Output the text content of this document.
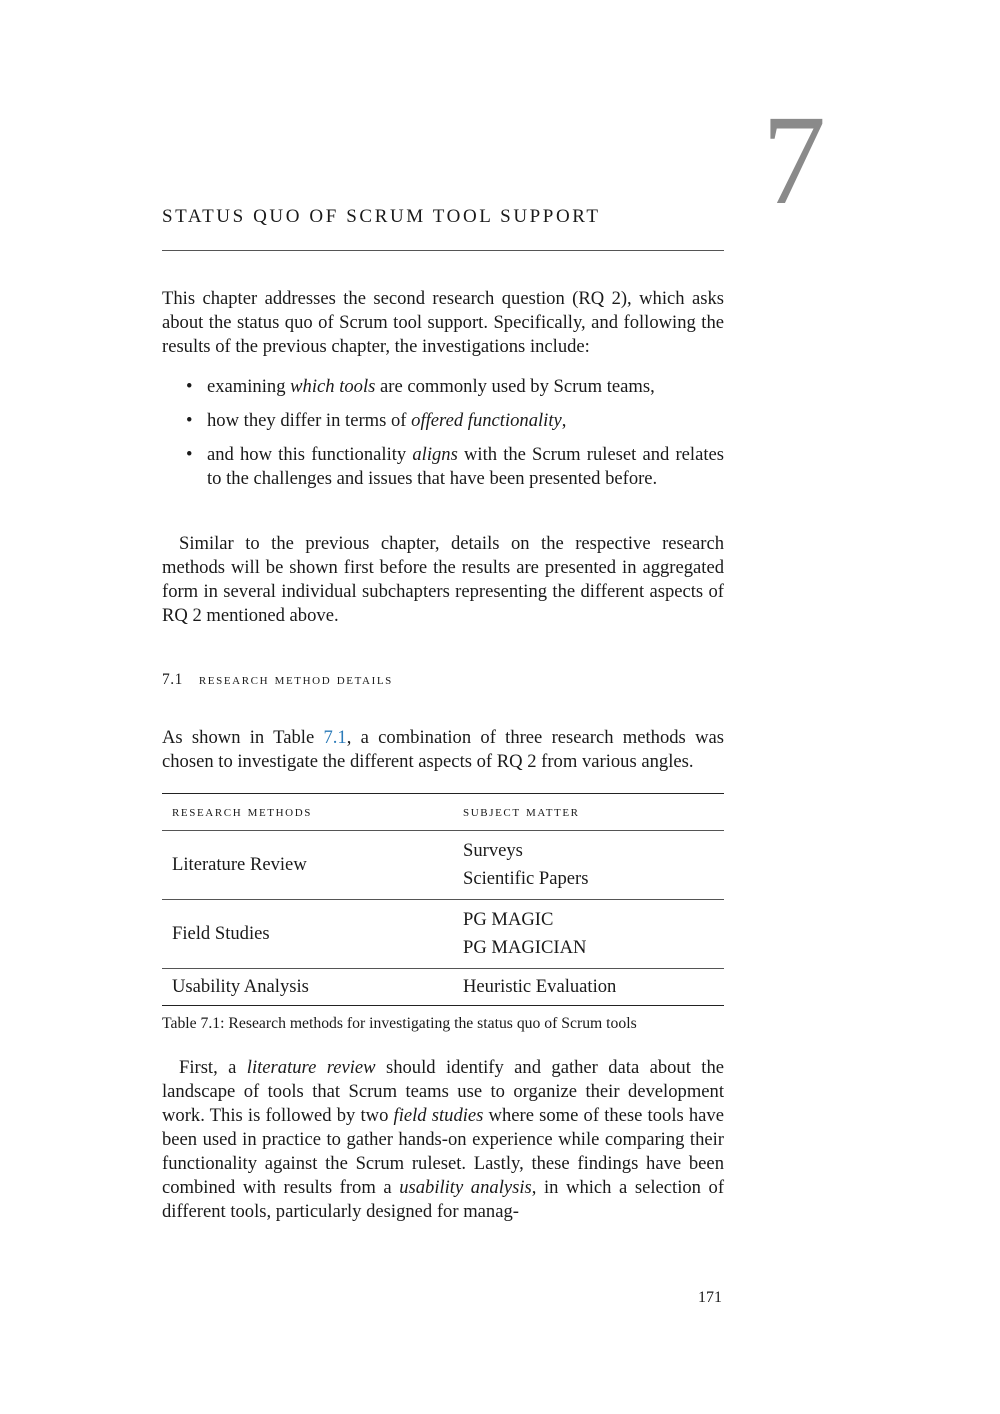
7
STATUS QUO OF SCRUM TOOL SUPPORT

This chapter addresses the second research question (RQ 2), which asks about the status quo of Scrum tool support. Specifically, and following the results of the previous chapter, the investigations include:

• examining which tools are commonly used by Scrum teams,
• how they differ in terms of offered functionality,
• and how this functionality aligns with the Scrum ruleset and relates to the challenges and issues that have been presented before.

Similar to the previous chapter, details on the respective research methods will be shown first before the results are presented in aggregated form in several individual subchapters representing the different aspects of RQ 2 mentioned above.

7.1 research method details

As shown in Table 7.1, a combination of three research methods was chosen to investigate the different aspects of RQ 2 from various angles.

research methods	subject matter
Literature Review	Surveys
Scientific Papers

Field Studies	PG MAGIC
PG MAGICIAN

Usability Analysis	Heuristic Evaluation
Table 7.1: Research methods for investigating the status quo of Scrum tools

First, a literature review should identify and gather data about the landscape of tools that Scrum teams use to organize their development work. This is followed by two field studies where some of these tools have been used in practice to gather hands-on experience while comparing their functionality against the Scrum ruleset. Lastly, these findings have been combined with results from a usability analysis, in which a selection of different tools, particularly designed for manag-

171
